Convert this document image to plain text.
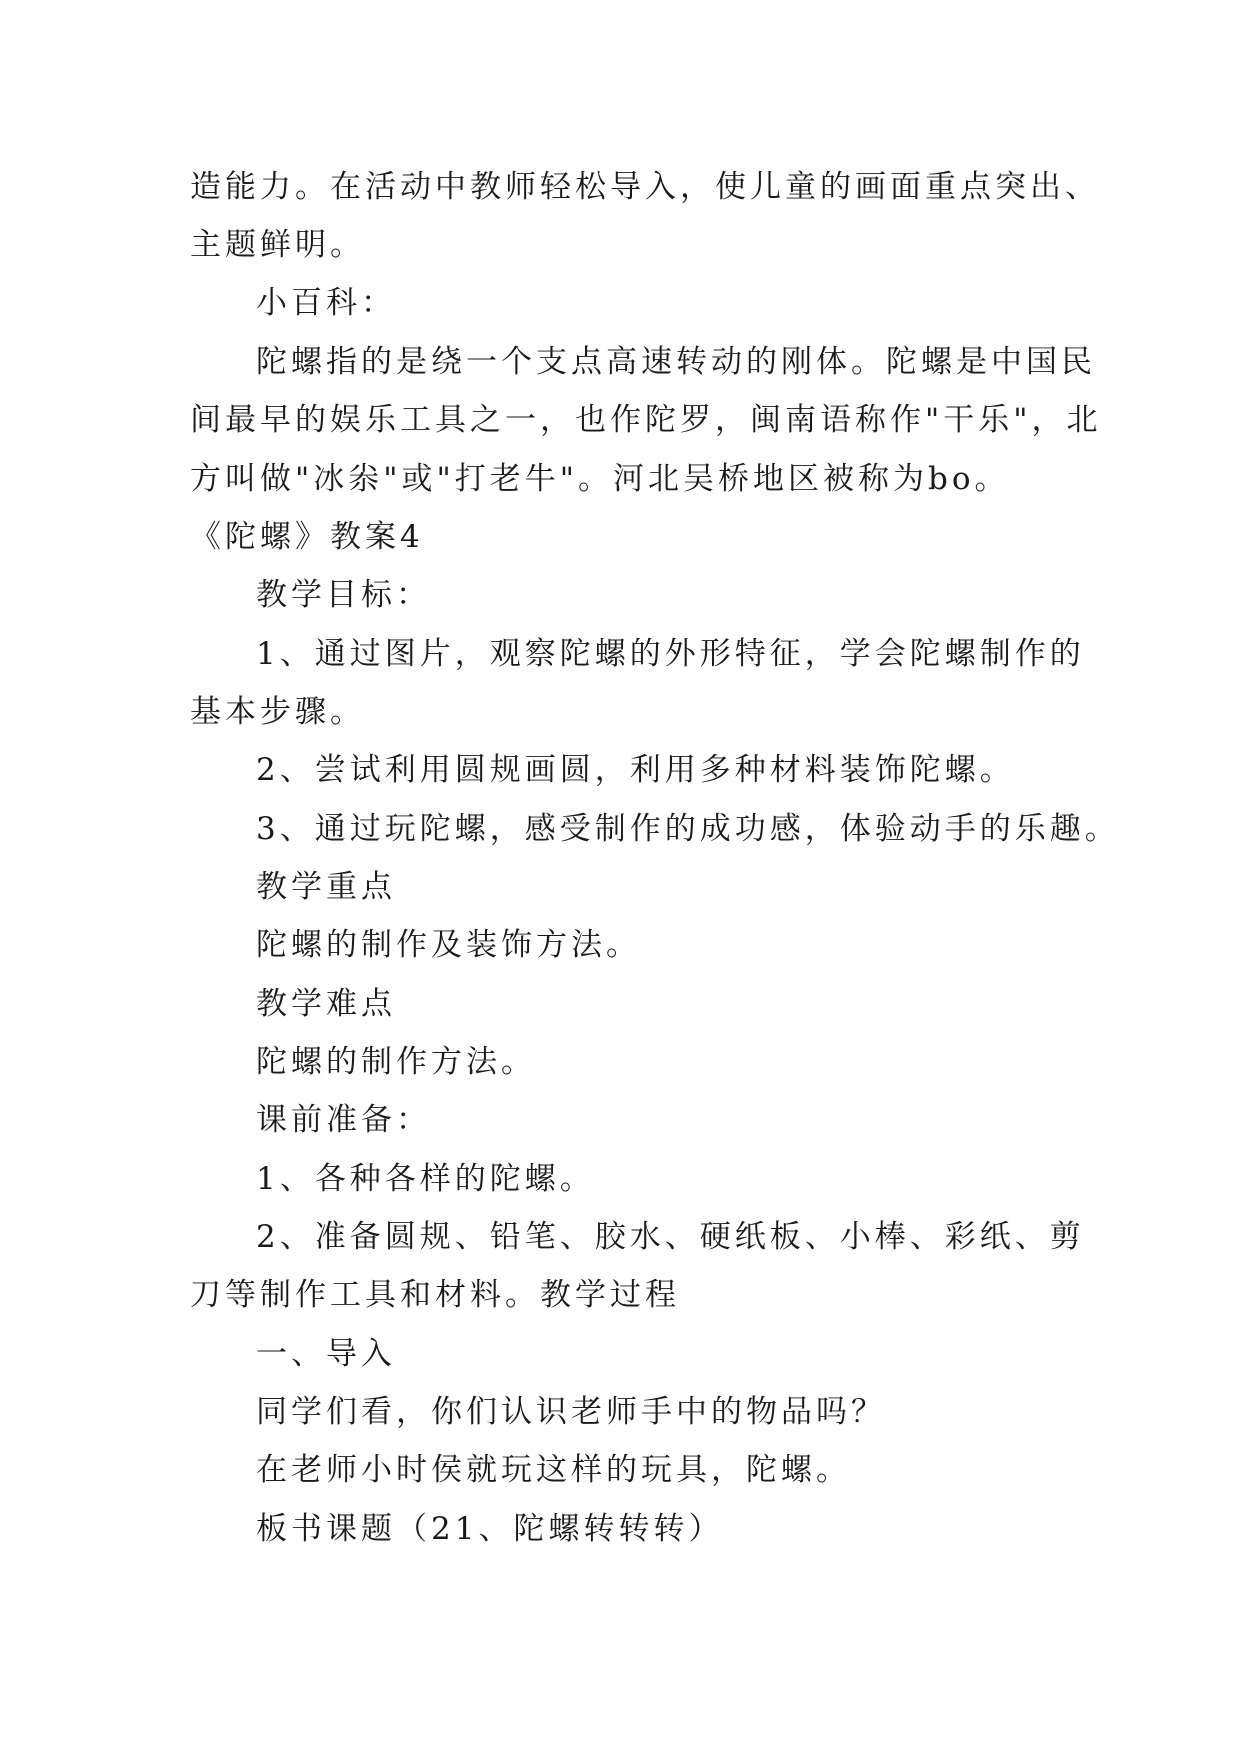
造能力。在活动中教师轻松导入，使儿童的画面重点突出、
主题鲜明。
小百科：
陀螺指的是绕一个支点高速转动的刚体。陀螺是中国民
间最早的娱乐工具之一，也作陀罗，闽南语称作"干乐"，北
方叫做"冰尜"或"打老牛"。河北吴桥地区被称为bo。
《陀螺》教案4
教学目标：
1、通过图片，观察陀螺的外形特征，学会陀螺制作的
基本步骤。
2、尝试利用圆规画圆，利用多种材料装饰陀螺。
3、通过玩陀螺，感受制作的成功感，体验动手的乐趣。
教学重点
陀螺的制作及装饰方法。
教学难点
陀螺的制作方法。
课前准备：
1、各种各样的陀螺。
2、准备圆规、铅笔、胶水、硬纸板、小棒、彩纸、剪
刀等制作工具和材料。教学过程
一、导入
同学们看，你们认识老师手中的物品吗？
在老师小时侯就玩这样的玩具，陀螺。
板书课题（21、陀螺转转转）
